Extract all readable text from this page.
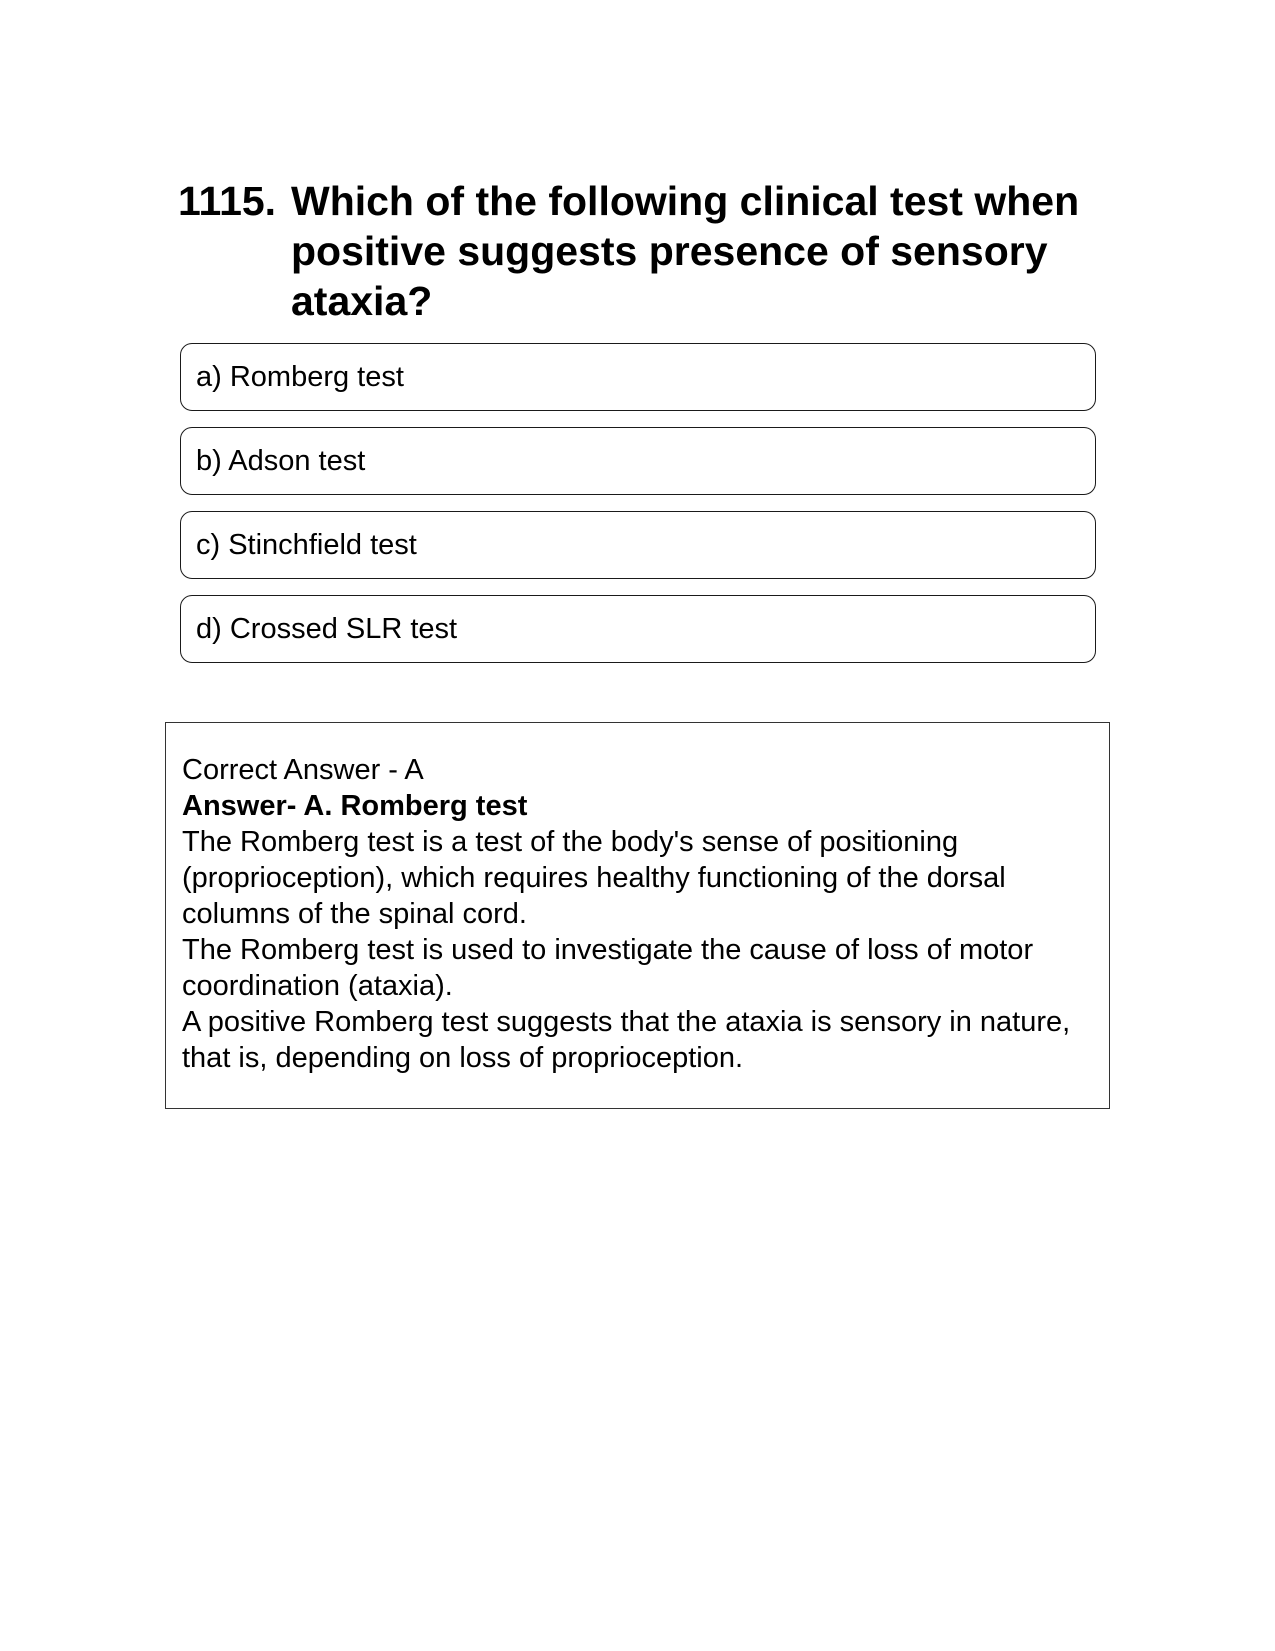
1115. Which of the following clinical test when positive suggests presence of sensory ataxia?
a) Romberg test
b) Adson test
c) Stinchfield test
d) Crossed SLR test

Correct Answer - A

Answer- A. Romberg test

The Romberg test is a test of the body's sense of positioning (proprioception), which requires healthy functioning of the dorsal columns of the spinal cord.

The Romberg test is used to investigate the cause of loss of motor coordination (ataxia).

A positive Romberg test suggests that the ataxia is sensory in nature, that is, depending on loss of proprioception.
